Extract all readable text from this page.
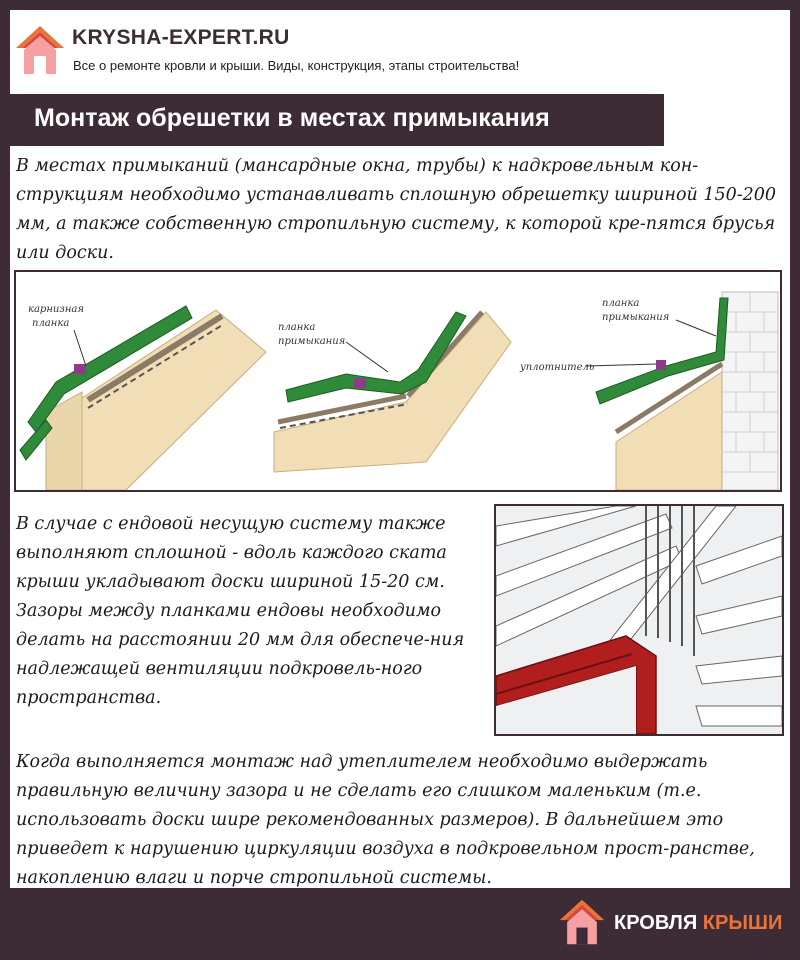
KRYSHA-EXPERT.RU
Все о ремонте кровли и крыши. Виды, конструкция, этапы строительства!
Монтаж обрешетки в местах примыкания

В местах примыканий (мансардные окна, трубы) к надкровельным кон-струкциям необходимо устанавливать сплошную обрешетку шириной 150-200 мм, а также собственную стропильную систему, к которой кре-пятся брусья или доски.

карнизная
планка	планка
примыкания
планка
примыкания
уплотнитель

В случае с ендовой несущую систему также выполняют сплошной - вдоль каждого ската крыши укладывают доски шириной 15-20 см. Зазоры между планками ендовы необходимо делать на расстоянии 20 мм для обеспече-ния надлежащей вентиляции подкровель-ного пространства.

Когда выполняется монтаж над утеплителем необходимо выдержать правильную величину зазора и не сделать его слишком маленьким (т.е. использовать доски шире рекомендованных размеров). В дальнейшем это приведет к нарушению циркуляции воздуха в подкровельном прост-ранстве, накоплению влаги и порче стропильной системы.

КРОВЛЯ КРЫШИ
